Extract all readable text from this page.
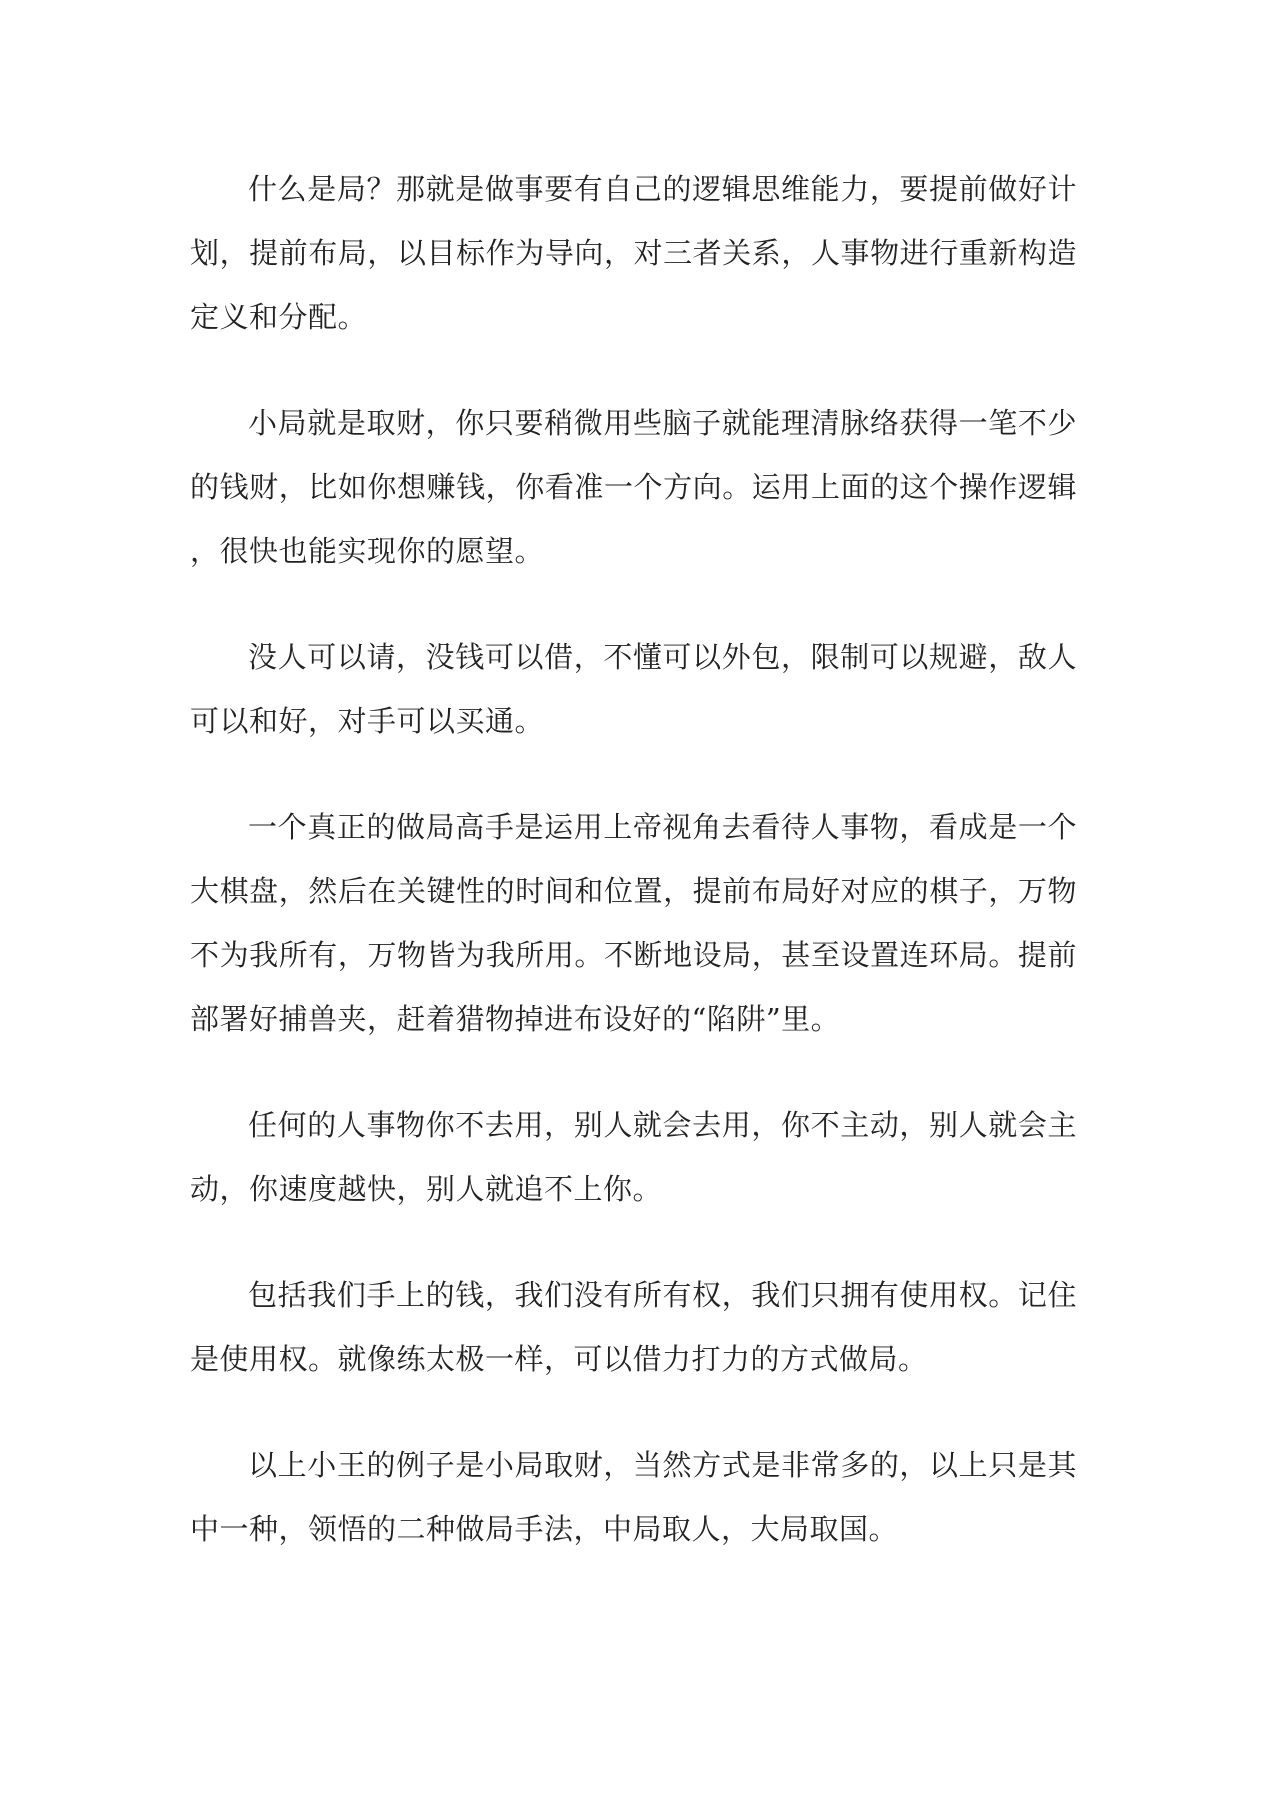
什么是局？那就是做事要有自己的逻辑思维能力，要提前做好计划，提前布局，以目标作为导向，对三者关系，人事物进行重新构造定义和分配。

小局就是取财，你只要稍微用些脑子就能理清脉络获得一笔不少的钱财，比如你想赚钱，你看准一个方向。运用上面的这个操作逻辑，很快也能实现你的愿望。

没人可以请，没钱可以借，不懂可以外包，限制可以规避，敌人可以和好，对手可以买通。

一个真正的做局高手是运用上帝视角去看待人事物，看成是一个大棋盘，然后在关键性的时间和位置，提前布局好对应的棋子，万物不为我所有，万物皆为我所用。不断地设局，甚至设置连环局。提前部署好捕兽夹，赶着猎物掉进布设好的“陷阱”里。

任何的人事物你不去用，别人就会去用，你不主动，别人就会主动，你速度越快，别人就追不上你。

包括我们手上的钱，我们没有所有权，我们只拥有使用权。记住是使用权。就像练太极一样，可以借力打力的方式做局。

以上小王的例子是小局取财，当然方式是非常多的，以上只是其中一种，领悟的二种做局手法，中局取人，大局取国。
